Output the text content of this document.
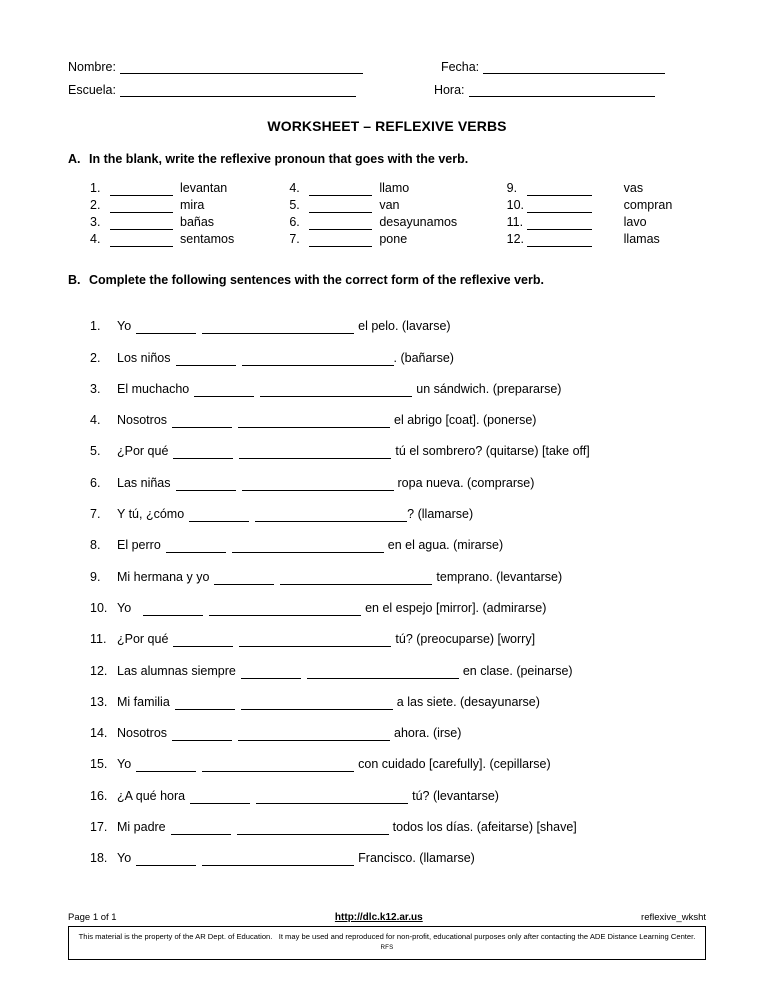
Nombre:	Fecha:
Escuela:	Hora:
WORKSHEET – REFLEXIVE VERBS
A. In the blank, write the reflexive pronoun that goes with the verb.
1.	levantan
2.	mira
3.	bañas
4.	sentamos
4.	llamo
5.	van
6.	desayunamos
7.	pone
9.	vas
10.	compran
11.	lavo
12.	llamas
B. Complete the following sentences with the correct form of the reflexive verb.
1.	Yo	el pelo. (lavarse)
2.	Los niños	. (bañarse)
3.	El muchacho	un sándwich. (prepararse)
4.	Nosotros	el abrigo [coat]. (ponerse)
5.	¿Por qué	tú el sombrero? (quitarse) [take off]
6.	Las niñas	ropa nueva. (comprarse)
7.	Y tú, ¿cómo	? (llamarse)
8.	El perro	en el agua. (mirarse)
9.	Mi hermana y yo	temprano. (levantarse)
10. Yo	en el espejo [mirror]. (admirarse)
11. ¿Por qué	tú? (preocuparse) [worry]
12. Las alumnas siempre	en clase. (peinarse)
13. Mi familia	a las siete. (desayunarse)
14. Nosotros	ahora. (irse)
15. Yo	con cuidado [carefully]. (cepillarse)
16. ¿A qué hora	tú? (levantarse)
17. Mi padre	todos los días. (afeitarse) [shave]
18. Yo	Francisco. (llamarse)
Page 1 of 1	http://dlc.k12.ar.us	reflexive_wksht
This material is the property of the AR Dept. of Education.   It may be used and reproduced for non-profit, educational purposes only after contacting the ADE Distance Learning Center. RFS
